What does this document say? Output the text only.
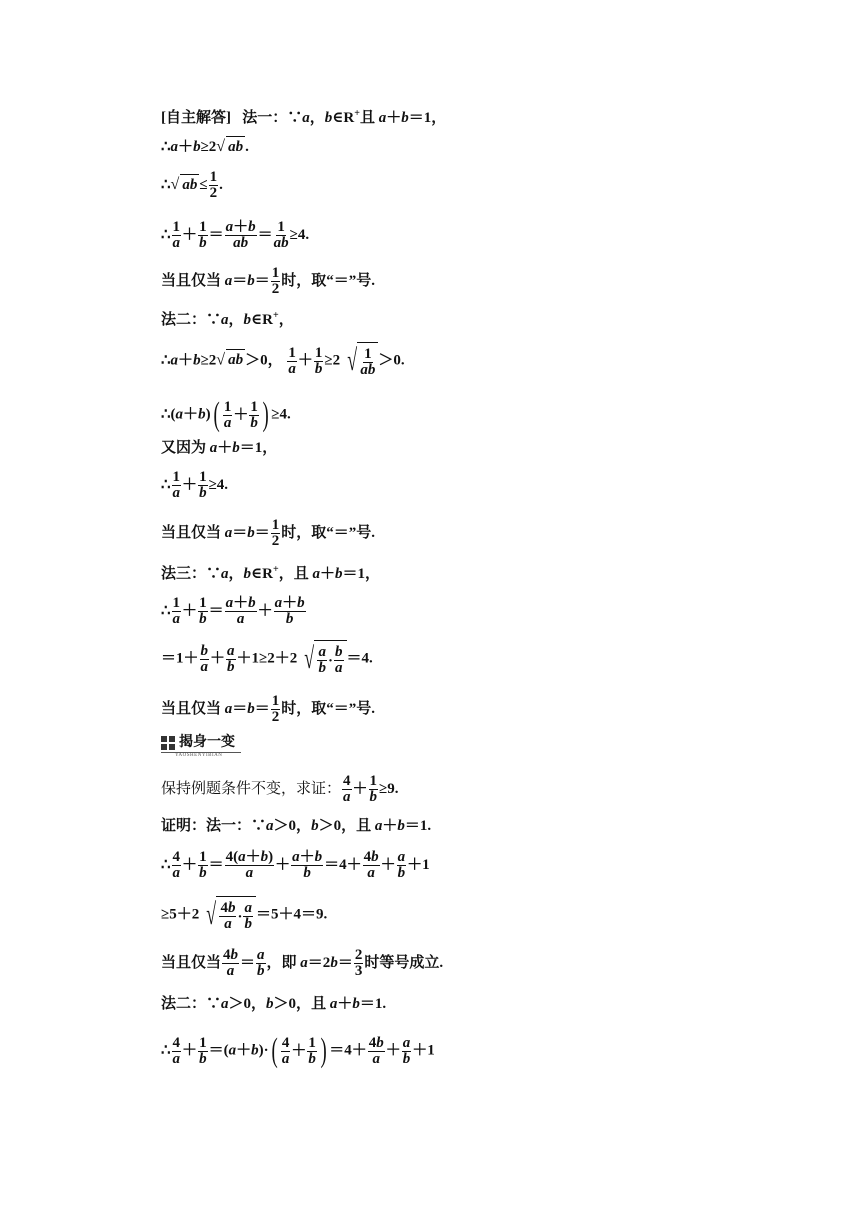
[自主解答] 法一：∵a，b∈R+且 a＋b＝1，
∴a＋b≥2√ ab .
∴√ ab ≤ $\frac{1}{2}$ .
∴ $\frac{1}{a} + \frac{1}{b} = \frac{a+b}{ab} = \frac{1}{ab} \ge 4$.
当且仅当 $a=b= \frac{1}{2}$ 时，取“＝”号.
法二：∵a，b∈R+，
∴a＋b≥2√ ab ＞0， $\frac{1}{a} + \frac{1}{b} \ge 2$ √ 1
ab
＞0.
∴(a＋b) ( 1
a ＋
1
b ) ≥4.
又因为 a＋b＝1，
∴ $\frac{1}{a} + \frac{1}{b} \ge 4$.
当且仅当 $a=b= \frac{1}{2}$ 时，取“＝”号.
法三：∵a，b∈R+，且 a＋b＝1，
∴ $\frac{1}{a} + \frac{1}{b} = \frac{a+b}{a} + \frac{a+b}{b}$
$=1+ \frac{b}{a} + \frac{a}{b} +1\ge 2+2$ √ a
b ·
b
a
＝4.
当且仅当 $a=b= \frac{1}{2}$ 时，取“＝”号.
揭身一变
YAOSHENYIBIAN
保持例题条件不变，求证： $\frac{4}{a} + \frac{1}{b} \ge 9$.
证明：法一：∵a＞0，b＞0，且 a＋b＝1.
∴ $\frac{4}{a} + \frac{1}{b} = \frac{4(a+b)}{a} + \frac{a+b}{b} =4+ \frac{4b}{a} + \frac{a}{b} +1$
≥5＋2 √ 4b
a ·
a
b
＝5＋4＝9.
当且仅当 $\frac{4b}{a} = \frac{a}{b}$ ，即 $a=2b= \frac{2}{3}$ 时等号成立.
法二：∵a＞0，b＞0，且 a＋b＝1.
∴ $\frac{4}{a} + \frac{1}{b} =(a+b)\cdot$ ( 4
a ＋
1
b ) $=4+ \frac{4b}{a} + \frac{a}{b} +1$
